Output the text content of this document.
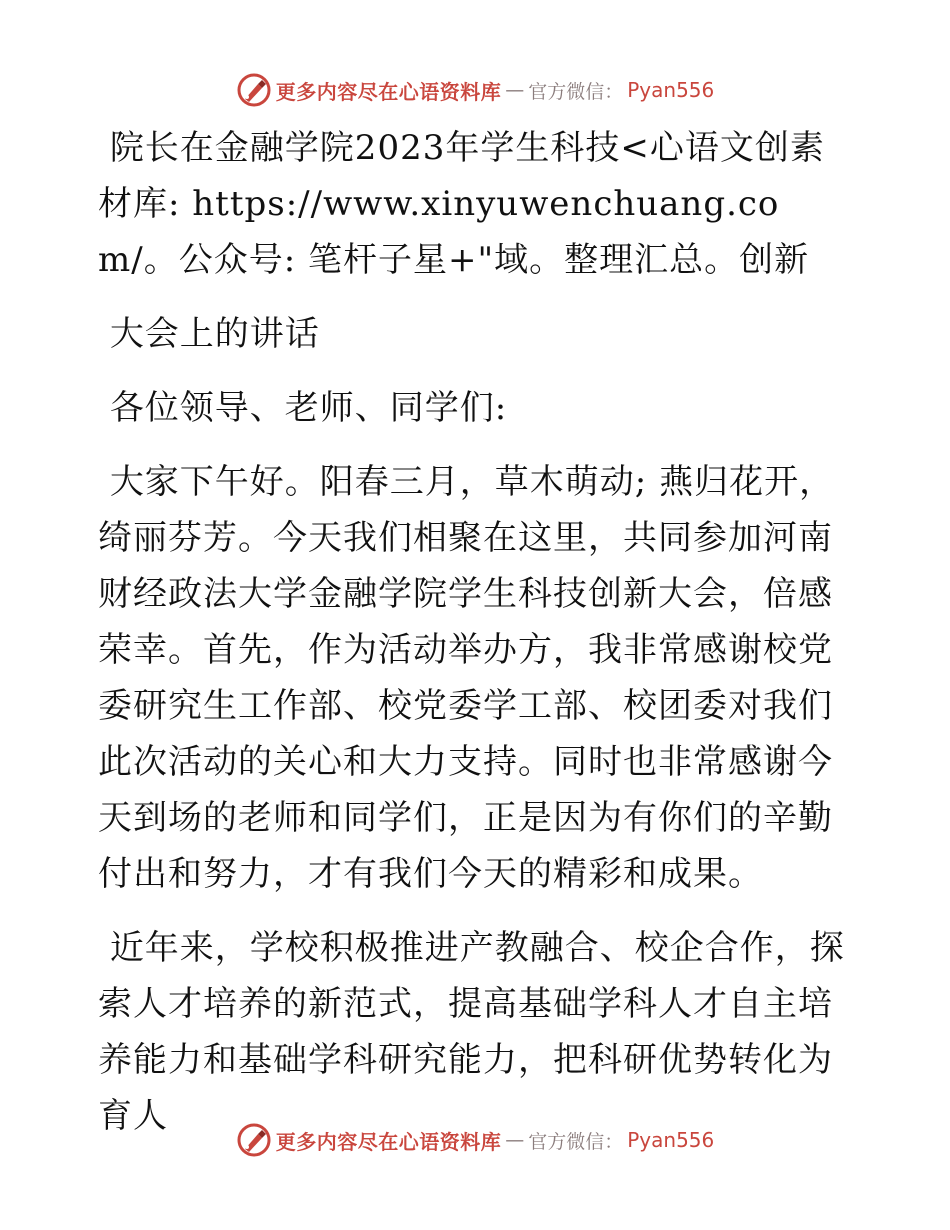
更多内容尽在心语资料库 — 官方微信： Pyan556

院长在金融学院2023年学生科技<心语文创素材库: https://www.xinyuwenchuang.com/。公众号: 笔杆子星+"域。整理汇总。创新

大会上的讲话

各位领导、老师、同学们:

大家下午好。阳春三月，草木萌动; 燕归花开，绮丽芬芳。今天我们相聚在这里，共同参加河南财经政法大学金融学院学生科技创新大会，倍感荣幸。首先，作为活动举办方，我非常感谢校党委研究生工作部、校党委学工部、校团委对我们此次活动的关心和大力支持。同时也非常感谢今天到场的老师和同学们，正是因为有你们的辛勤付出和努力，才有我们今天的精彩和成果。

近年来，学校积极推进产教融合、校企合作，探索人才培养的新范式，提高基础学科人才自主培养能力和基础学科研究能力，把科研优势转化为育人

更多内容尽在心语资料库 — 官方微信： Pyan556
